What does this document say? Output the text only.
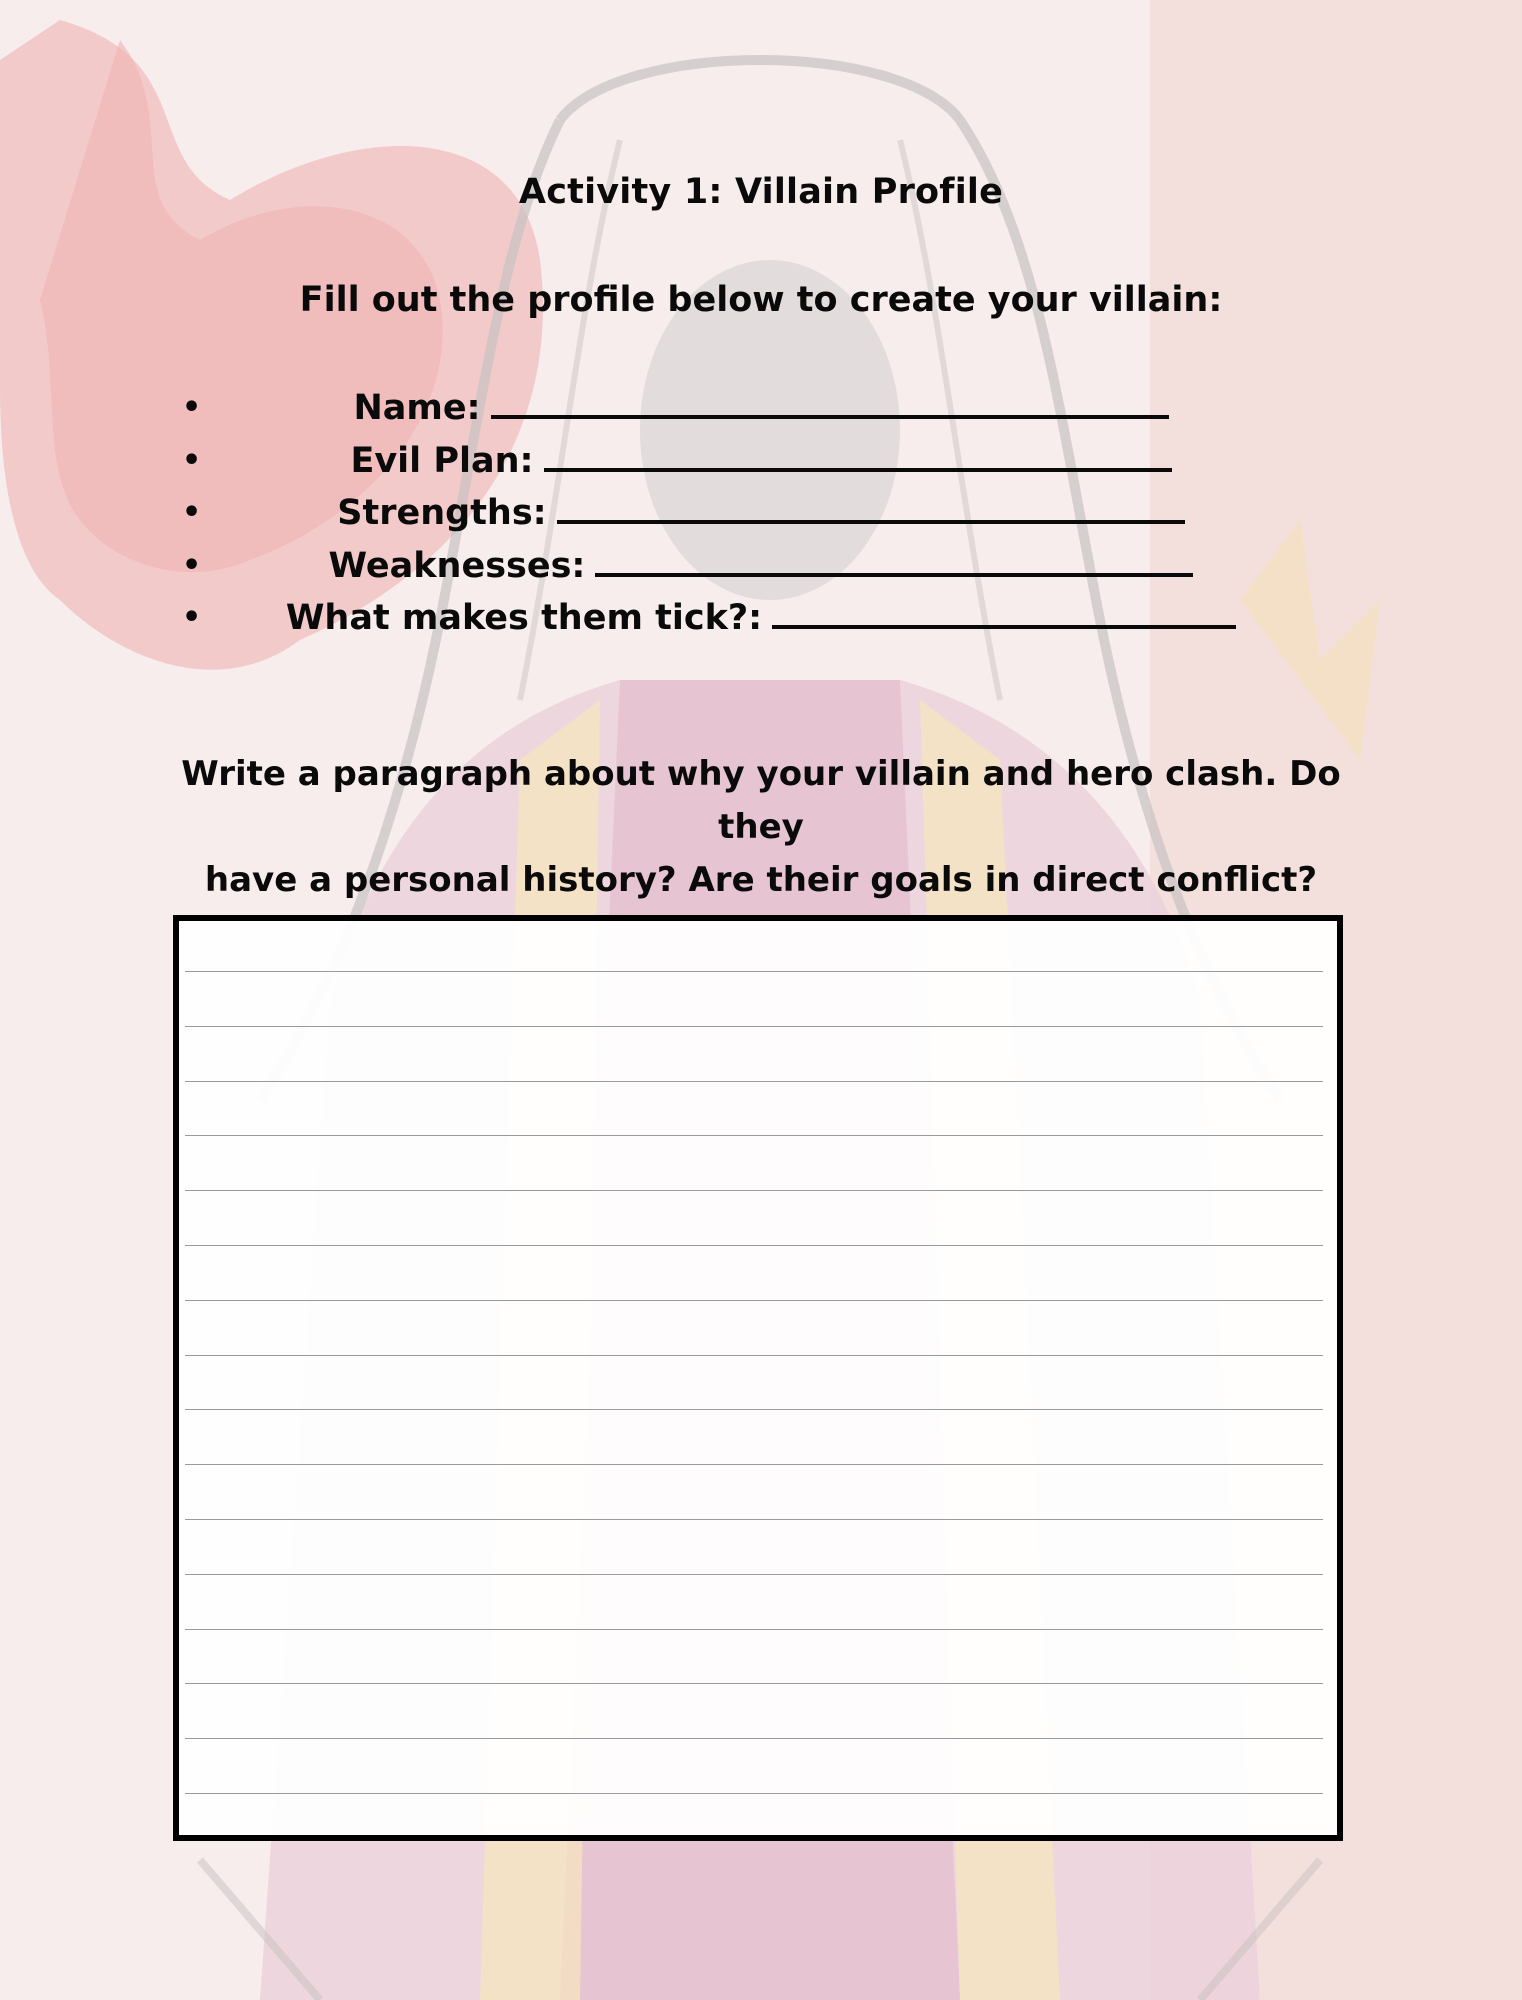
Activity 1: Villain Profile
Fill out the profile below to create your villain:
•	Name:
•	Evil Plan:
•	Strengths:
•	Weaknesses:
•	What makes them tick?:
Write a paragraph about why your villain and hero clash. Do they
have a personal history? Are their goals in direct conflict?
